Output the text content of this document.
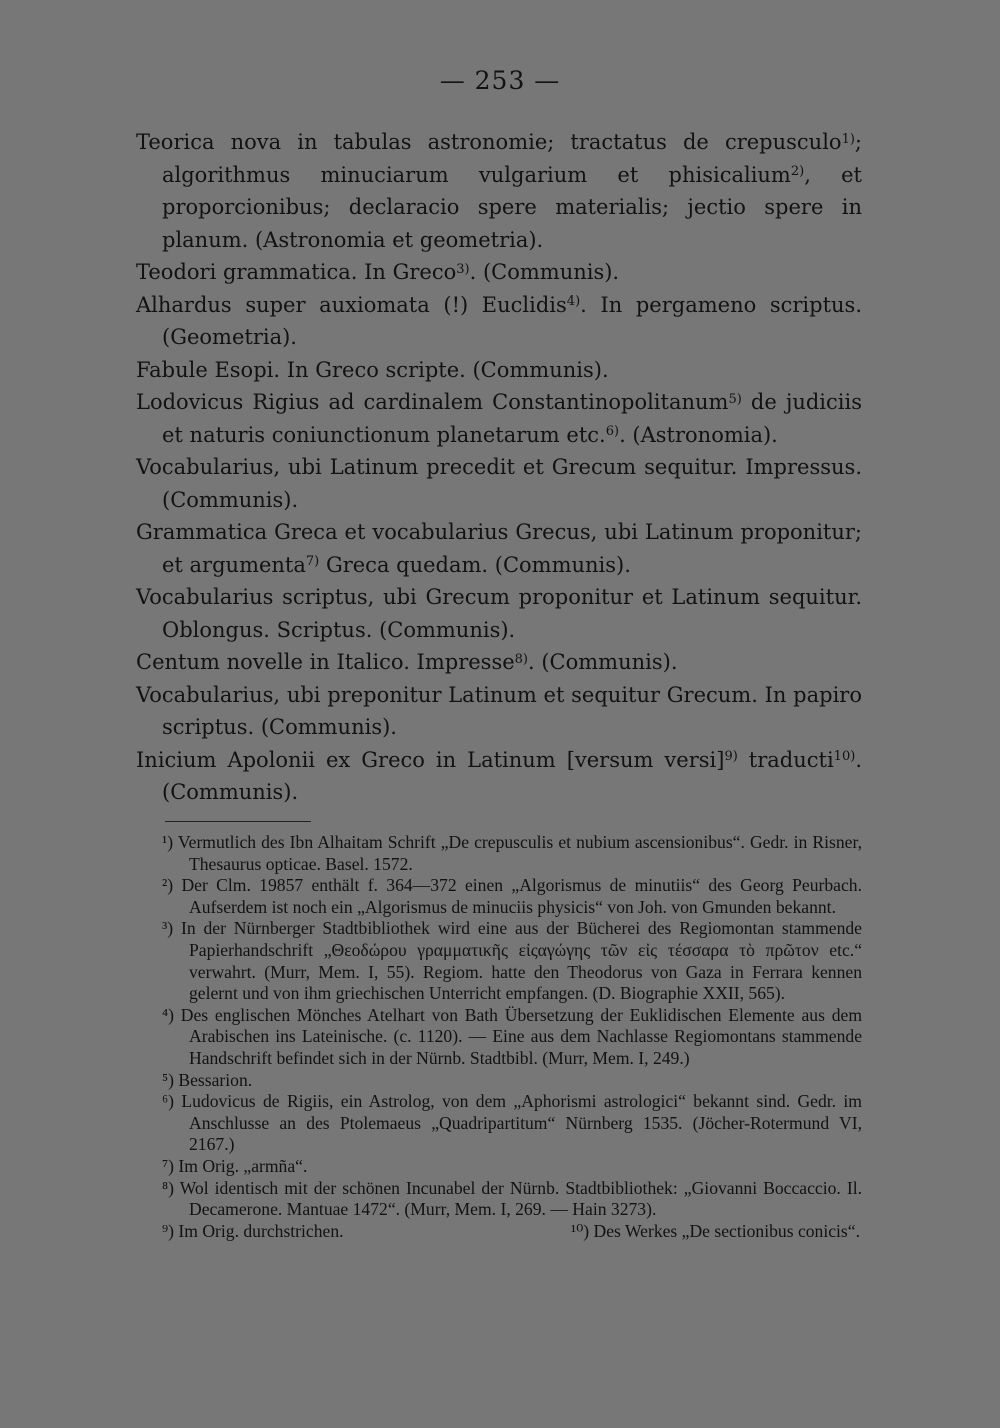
— 253 —
Teorica nova in tabulas astronomie; tractatus de crepusculo$^{1)}$; algorithmus minuciarum vulgarium et phisicalium$^{2)}$, et proporcionibus; declaracio spere materialis; jectio spere in planum. (Astronomia et geometria).
Teodori grammatica. In Greco$^{3)}$. (Communis).
Alhardus super auxiomata (!) Euclidis$^{4)}$. In pergameno scriptus. (Geometria).
Fabule Esopi. In Greco scripte. (Communis).
Lodovicus Rigius ad cardinalem Constantinopolitanum$^{5)}$ de judiciis et naturis coniunctionum planetarum etc.$^{6)}$. (Astronomia).
Vocabularius, ubi Latinum precedit et Grecum sequitur. Impressus. (Communis).
Grammatica Greca et vocabularius Grecus, ubi Latinum proponitur; et argumenta$^{7)}$ Greca quedam. (Communis).
Vocabularius scriptus, ubi Grecum proponitur et Latinum sequitur. Oblongus. Scriptus. (Communis).
Centum novelle in Italico. Impresse$^{8)}$. (Communis).
Vocabularius, ubi preponitur Latinum et sequitur Grecum. In papiro scriptus. (Communis).
Inicium Apolonii ex Greco in Latinum [versum versi]$^{9)}$ traducti$^{10)}$. (Communis).
¹) Vermutlich des Ibn Alhaitam Schrift „De crepusculis et nubium ascensionibus“. Gedr. in Risner, Thesaurus opticae. Basel. 1572.
²) Der Clm. 19857 enthält f. 364—372 einen „Algorismus de minutiis“ des Georg Peurbach. Aufserdem ist noch ein „Algorismus de minuciis physicis“ von Joh. von Gmunden bekannt.
³) In der Nürnberger Stadtbibliothek wird eine aus der Bücherei des Regiomontan stammende Papierhandschrift „Θεοδώρου γραμματικῆς εἰςαγώγης τῶν εἰς τέσσαρα τὸ πρῶτον etc.“ verwahrt. (Murr, Mem. I, 55). Regiom. hatte den Theodorus von Gaza in Ferrara kennen gelernt und von ihm griechischen Unterricht empfangen. (D. Biographie XXII, 565).
⁴) Des englischen Mönches Atelhart von Bath Übersetzung der Euklidischen Elemente aus dem Arabischen ins Lateinische. (c. 1120). — Eine aus dem Nachlasse Regiomontans stammende Handschrift befindet sich in der Nürnb. Stadtbibl. (Murr, Mem. I, 249.)
⁵) Bessarion.
⁶) Ludovicus de Rigiis, ein Astrolog, von dem „Aphorismi astrologici“ bekannt sind. Gedr. im Anschlusse an des Ptolemaeus „Quadripartitum“ Nürnberg 1535. (Jöcher-Rotermund VI, 2167.)
⁷) Im Orig. „armña“.
⁸) Wol identisch mit der schönen Incunabel der Nürnb. Stadtbibliothek: „Giovanni Boccaccio. Il. Decamerone. Mantuae 1472“. (Murr, Mem. I, 269. — Hain 3273).
⁹) Im Orig. durchstrichen.	¹⁰) Des Werkes „De sectionibus conicis“.
